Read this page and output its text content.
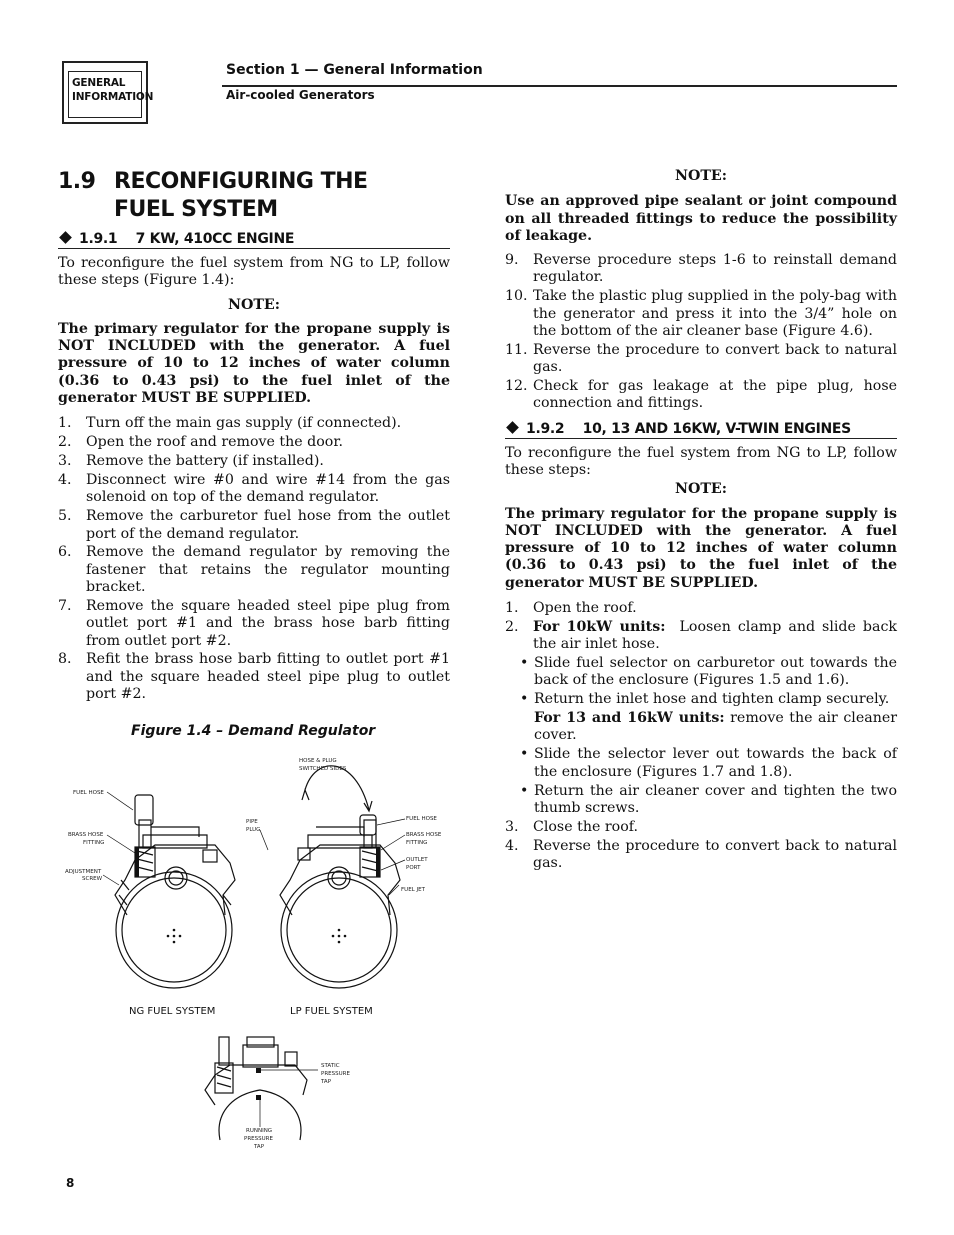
GENERAL
INFORMATION
Section 1 — General Information
Air-cooled Generators
1.9 RECONFIGURING THE
FUEL SYSTEM
1.9.1    7 KW, 410CC ENGINE

To reconfigure the fuel system from NG to LP, follow these steps (Figure 1.4):

NOTE:

The primary regulator for the propane supply is NOT INCLUDED with the generator. A fuel pressure of 10 to 12 inches of water column (0.36 to 0.43 psi) to the fuel inlet of the generator MUST BE SUPPLIED.

1. Turn off the main gas supply (if connected).
2. Open the roof and remove the door.
3. Remove the battery (if installed).
4. Disconnect wire #0 and wire #14 from the gas solenoid on top of the demand regulator.
5. Remove the carburetor fuel hose from the outlet port of the demand regulator.
6. Remove the demand regulator by removing the fastener that retains the regulator mounting bracket.
7. Remove the square headed steel pipe plug from outlet port #1 and the brass hose barb fitting from outlet port #2.
8. Refit the brass hose barb fitting to outlet port #1 and the square headed steel pipe plug to outlet port #2.
Figure 1.4 – Demand Regulator
FUEL HOSE
BRASS HOSE
FITTING
ADJUSTMENT
SCREW
PIPE
PLUG
HOSE & PLUG
SWITCHED SIDES
FUEL HOSE
BRASS HOSE
FITTING
OUTLET
PORT
FUEL JET
NG FUEL SYSTEM	LP FUEL SYSTEM
STATIC
PRESSURE
TAP
RUNNING
PRESSURE
TAP

NOTE:

Use an approved pipe sealant or joint compound on all threaded fittings to reduce the possibility of leakage.

9. Reverse procedure steps 1-6 to reinstall demand regulator.
10. Take the plastic plug supplied in the poly-bag with the generator and press it into the 3/4” hole on the bottom of the air cleaner base (Figure 4.6).
11. Reverse the procedure to convert back to natural gas.
12. Check for gas leakage at the pipe plug, hose connection and fittings.
1.9.2    10, 13 AND 16KW, V-TWIN ENGINES

To reconfigure the fuel system from NG to LP, follow these steps:

NOTE:

The primary regulator for the propane supply is NOT INCLUDED with the generator. A fuel pressure of 10 to 12 inches of water column (0.36 to 0.43 psi) to the fuel inlet of the generator MUST BE SUPPLIED.

1. Open the roof.
2. For 10kW units: Loosen clamp and slide back the air inlet hose.
• Slide fuel selector on carburetor out towards the back of the enclosure (Figures 1.5 and 1.6).
• Return the inlet hose and tighten clamp securely.
For 13 and 16kW units: remove the air cleaner cover.
• Slide the selector lever out towards the back of the enclosure (Figures 1.7 and 1.8).
• Return the air cleaner cover and tighten the two thumb screws.
3. Close the roof.
4. Reverse the procedure to convert back to natural gas.
8
